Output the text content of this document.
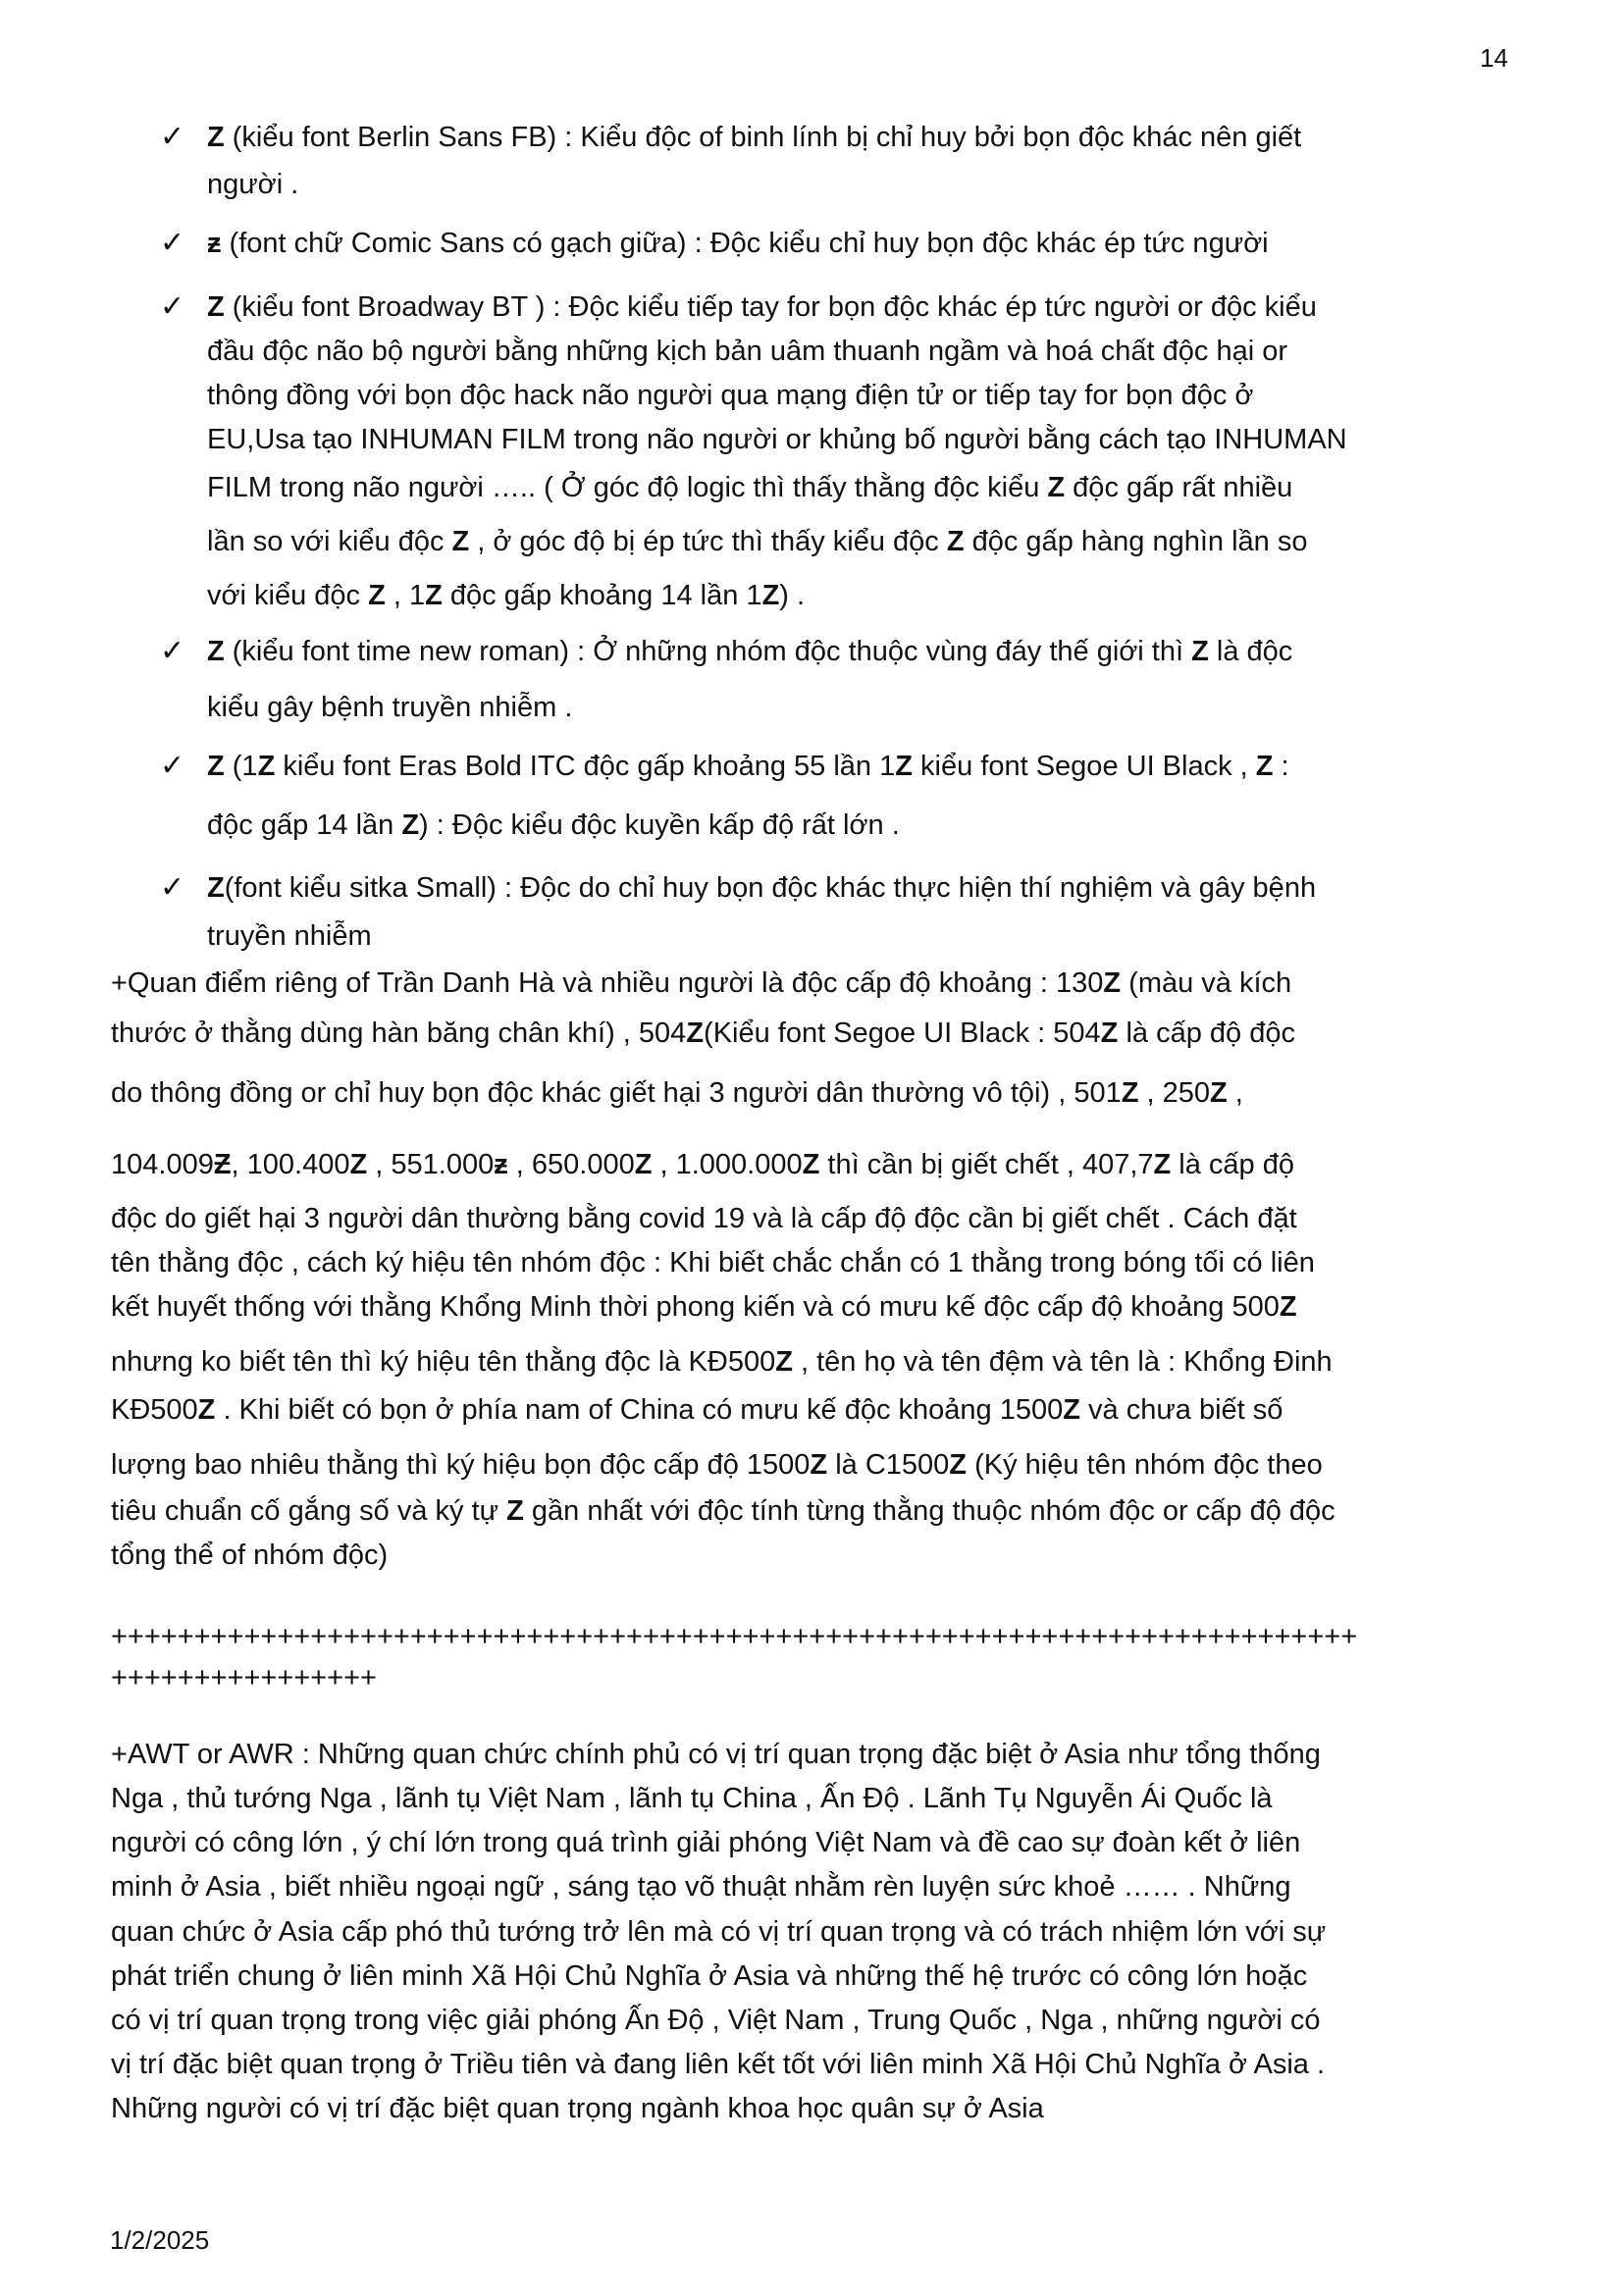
14
✓
✓
✓
✓
✓
✓
Z (kiểu font Berlin Sans FB) : Kiểu độc of binh lính bị chỉ huy bởi bọn độc khác nên giết
người .
ƶ (font chữ Comic Sans có gạch giữa) : Độc kiểu chỉ huy bọn độc khác ép tức người
Z (kiểu font Broadway BT ) : Độc kiểu tiếp tay for bọn độc khác ép tức người or độc kiểu
đầu độc não bộ người bằng những kịch bản uâm thuanh ngầm và hoá chất độc hại or
thông đồng với bọn độc hack não người qua mạng điện tử or tiếp tay for bọn độc ở
EU,Usa tạo INHUMAN FILM trong não người or khủng bố người bằng cách tạo INHUMAN
FILM trong não người ….. ( Ở góc độ logic thì thấy thằng độc kiểu Z độc gấp rất nhiều
lần so với kiểu độc Z , ở góc độ bị ép tức thì thấy kiểu độc Z độc gấp hàng nghìn lần so
với kiểu độc Z , 1Z độc gấp khoảng 14 lần 1Z) .
Z (kiểu font time new roman) : Ở những nhóm độc thuộc vùng đáy thế giới thì Z là độc
kiểu gây bệnh truyền nhiễm .
Z (1Z kiểu font Eras Bold ITC độc gấp khoảng 55 lần 1Z kiểu font Segoe UI Black , Z :
độc gấp 14 lần Z) : Độc kiểu độc kuyền kấp độ rất lớn .
Z(font kiểu sitka Small) : Độc do chỉ huy bọn độc khác thực hiện thí nghiệm và gây bệnh
truyền nhiễm
+Quan điểm riêng of Trần Danh Hà và nhiều người là độc cấp độ khoảng : 130Z (màu và kích
thước ở thằng dùng hàn băng chân khí) , 504Z(Kiểu font Segoe UI Black : 504Z là cấp độ độc
do thông đồng or chỉ huy bọn độc khác giết hại 3 người dân thường vô tội) , 501Z , 250Z ,
104.009Ƶ, 100.400Z , 551.000ƶ , 650.000Z , 1.000.000Z thì cần bị giết chết , 407,7Z là cấp độ
độc do giết hại 3 người dân thường bằng covid 19 và là cấp độ độc cần bị giết chết . Cách đặt
tên thằng độc , cách ký hiệu tên nhóm độc : Khi biết chắc chắn có 1 thằng trong bóng tối có liên
kết huyết thống với thằng Khổng Minh thời phong kiến và có mưu kế độc cấp độ khoảng 500Z
nhưng ko biết tên thì ký hiệu tên thằng độc là KĐ500Z , tên họ và tên đệm và tên là : Khổng Đinh
KĐ500Z . Khi biết có bọn ở phía nam of China có mưu kế độc khoảng 1500Z và chưa biết số
lượng bao nhiêu thằng thì ký hiệu bọn độc cấp độ 1500Z là C1500Z (Ký hiệu tên nhóm độc theo
tiêu chuẩn cố gắng số và ký tự Z gần nhất với độc tính từng thằng thuộc nhóm độc or cấp độ độc
tổng thể of nhóm độc)
+++++++++++++++++++++++++++++++++++++++++++++++++++++++++++++++++++++++++++
++++++++++++++++
+AWT or AWR : Những quan chức chính phủ có vị trí quan trọng đặc biệt ở Asia như tổng thống
Nga , thủ tướng Nga , lãnh tụ Việt Nam , lãnh tụ China , Ấn Độ . Lãnh Tụ Nguyễn Ái Quốc là
người có công lớn , ý chí lớn trong quá trình giải phóng Việt Nam và đề cao sự đoàn kết ở liên
minh ở Asia , biết nhiều ngoại ngữ , sáng tạo võ thuật nhằm rèn luyện sức khoẻ …… . Những
quan chức ở Asia cấp phó thủ tướng trở lên mà có vị trí quan trọng và có trách nhiệm lớn với sự
phát triển chung ở liên minh Xã Hội Chủ Nghĩa ở Asia và những thế hệ trước có công lớn hoặc
có vị trí quan trọng trong việc giải phóng Ấn Độ , Việt Nam , Trung Quốc , Nga , những người có
vị trí đặc biệt quan trọng ở Triều tiên và đang liên kết tốt với liên minh Xã Hội Chủ Nghĩa ở Asia .
Những người có vị trí đặc biệt quan trọng ngành khoa học quân sự ở Asia
1/2/2025
